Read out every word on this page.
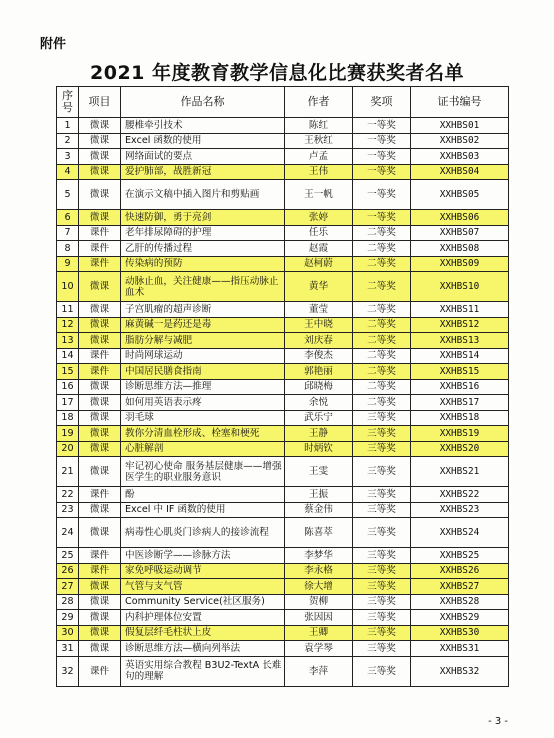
附件
2021 年度教育教学信息化比赛获奖者名单
序号	项目	作品名称	作者	奖项	证书编号
1	微课	腰椎牵引技术	陈红	一等奖	XXHBS01
2	微课	Excel 函数的使用	王秋红	一等奖	XXHBS02
3	微课	网络面试的要点	卢孟	一等奖	XXHBS03
4	微课	爱护肺部，战胜新冠	王伟	一等奖	XXHBS04
5	微课	在演示文稿中插入图片和剪贴画	王一帆	一等奖	XXHBS05
6	微课	快速防御，勇于亮剑	张婷	一等奖	XXHBS06
7	课件	老年排尿障碍的护理	任乐	二等奖	XXHBS07
8	课件	乙肝的传播过程	赵霞	二等奖	XXHBS08
9	课件	传染病的预防	赵柯蔚	二等奖	XXHBS09
10	微课	动脉止血，关注健康——指压动脉止血术	黄华	二等奖	XXHBS10
11	微课	子宫肌瘤的超声诊断	董莹	二等奖	XXHBS11
12	微课	麻黄碱一是药还是毒	王中晓	二等奖	XXHBS12
13	微课	脂肪分解与减肥	刘庆春	二等奖	XXHBS13
14	课件	时尚网球运动	李俊杰	二等奖	XXHBS14
15	课件	中国居民膳食指南	郭艳丽	二等奖	XXHBS15
16	微课	诊断思维方法—推理	邱晓梅	二等奖	XXHBS16
17	微课	如何用英语表示疼	余悦	二等奖	XXHBS17
18	微课	羽毛球	武乐宁	三等奖	XXHBS18
19	微课	教你分清血栓形成、栓塞和梗死	王静	三等奖	XXHBS19
20	微课	心脏解剖	时炳钦	三等奖	XXHBS20
21	微课	牢记初心使命 服务基层健康——增强医学生的职业服务意识	王雯	三等奖	XXHBS21
22	课件	酚	王振	三等奖	XXHBS22
23	微课	Excel 中 IF 函数的使用	蔡金伟	三等奖	XXHBS23
24	微课	病毒性心肌炎门诊病人的接诊流程	陈喜萃	三等奖	XXHBS24
25	课件	中医诊断学——诊脉方法	李梦华	三等奖	XXHBS25
26	课件	家免呼吸运动调节	李永格	三等奖	XXHBS26
27	微课	气管与支气管	徐大增	三等奖	XXHBS27
28	微课	Community Service(社区服务)	贺柳	三等奖	XXHBS28
29	微课	内科护理体位安置	张因因	三等奖	XXHBS29
30	微课	假复层纤毛柱状上皮	王卿	三等奖	XXHBS30
31	微课	诊断思维方法—横向列举法	袁学琴	三等奖	XXHBS31
32	课件	英语实用综合教程 B3U2-TextA 长难句的理解	李萍	三等奖	XXHBS32
- 3 -
